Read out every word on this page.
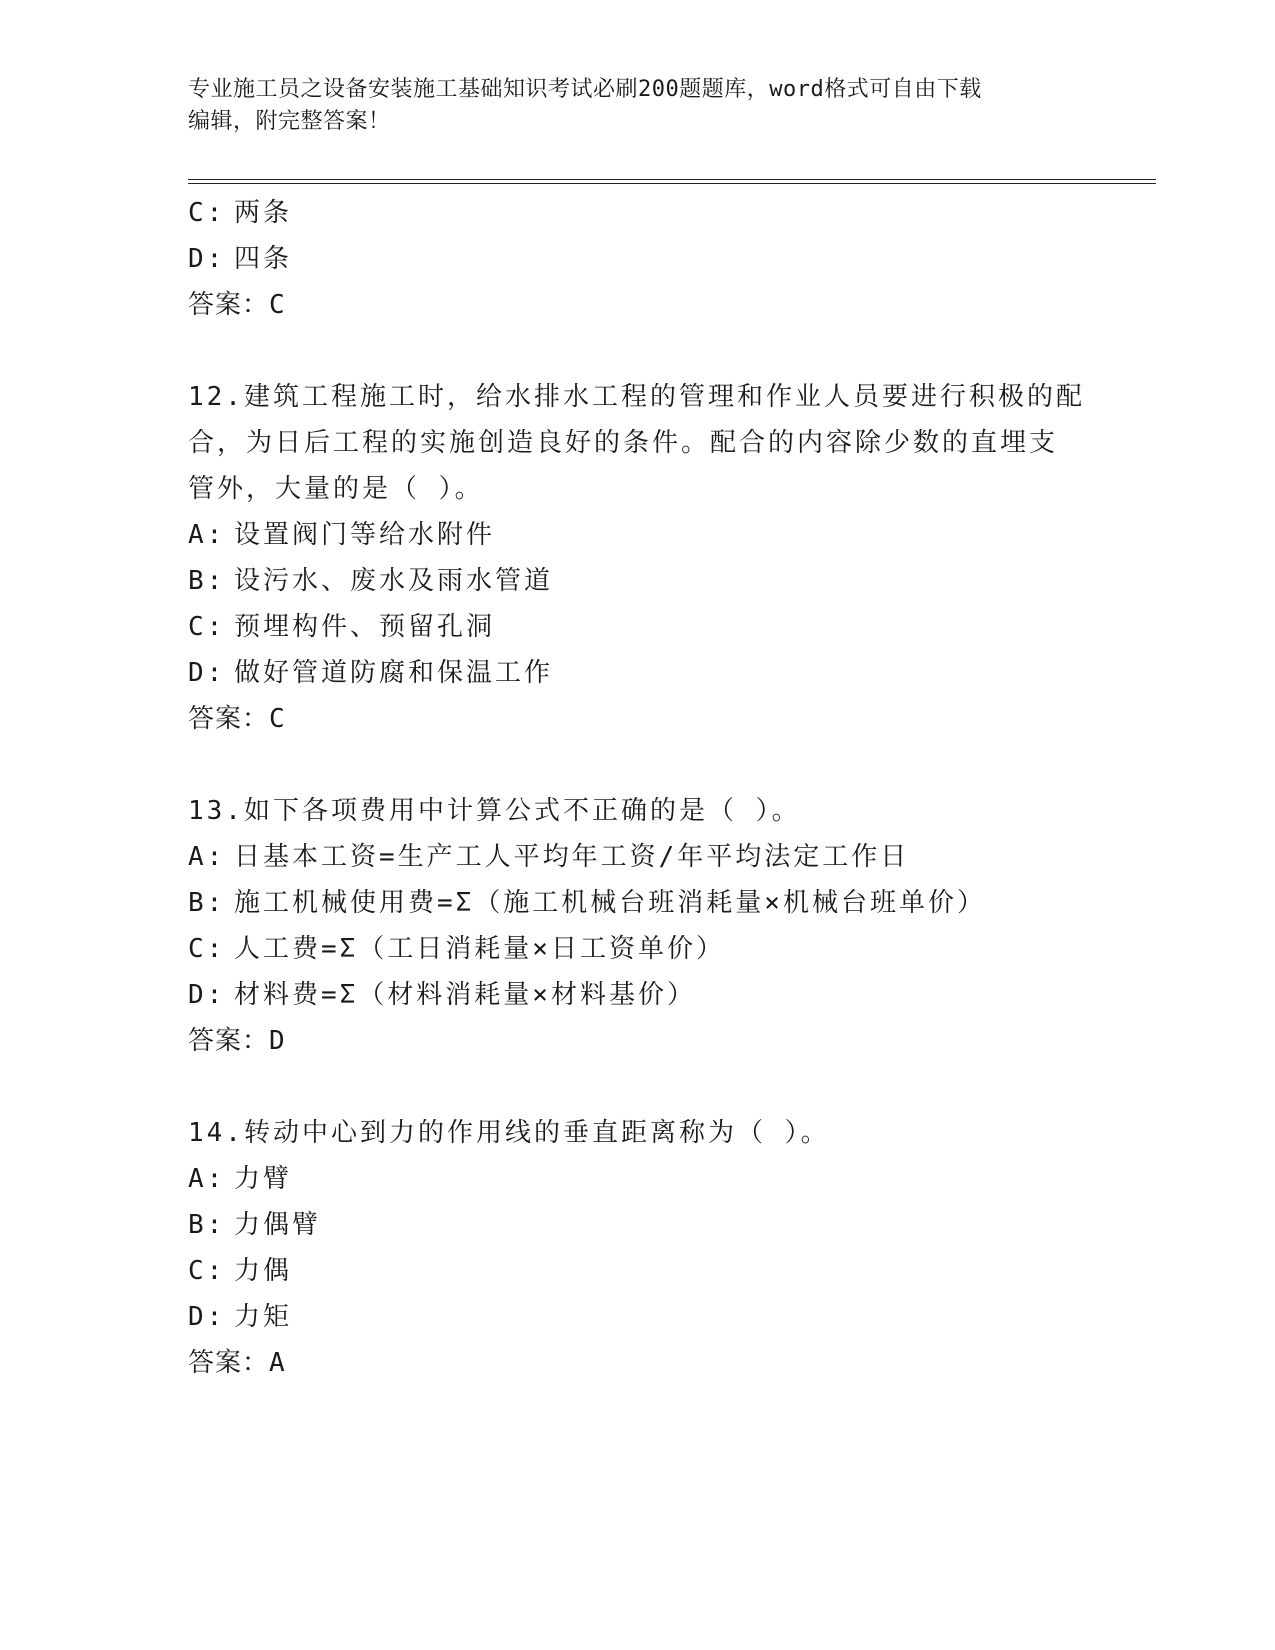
专业施工员之设备安装施工基础知识考试必刷200题题库，word格式可自由下载
编辑，附完整答案！
C: 两条
D: 四条
答案：C
12.建筑工程施工时，给水排水工程的管理和作业人员要进行积极的配
合，为日后工程的实施创造良好的条件。配合的内容除少数的直埋支
管外，大量的是（ ）。
A: 设置阀门等给水附件
B: 设污水、废水及雨水管道
C: 预埋构件、预留孔洞
D: 做好管道防腐和保温工作
答案：C
13.如下各项费用中计算公式不正确的是（ ）。
A: 日基本工资=生产工人平均年工资/年平均法定工作日
B: 施工机械使用费=Σ（施工机械台班消耗量×机械台班单价）
C: 人工费=Σ（工日消耗量×日工资单价）
D: 材料费=Σ（材料消耗量×材料基价）
答案：D
14.转动中心到力的作用线的垂直距离称为（ ）。
A: 力臂
B: 力偶臂
C: 力偶
D: 力矩
答案：A
